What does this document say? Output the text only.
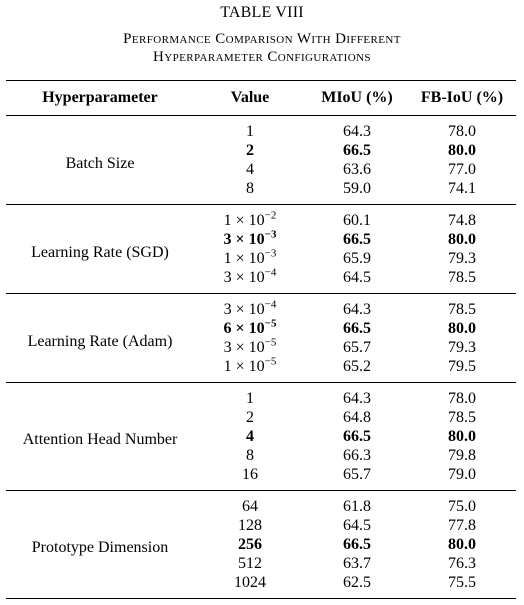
TABLE VIII
Performance Comparison With Different
Hyperparameter Configurations
Hyperparameter	Value	MIoU (%)	FB-IoU (%)
Batch Size	1	64.3	78.0
	2	66.5	80.0
	4	63.6	77.0
	8	59.0	74.1
Learning Rate (SGD)	$1 \times 10^{-2}$	60.1	74.8
	$3 \times 10^{-3}$	66.5	80.0
	$1 \times 10^{-3}$	65.9	79.3
	$3 \times 10^{-4}$	64.5	78.5
Learning Rate (Adam)	$3 \times 10^{-4}$	64.3	78.5
	$6 \times 10^{-5}$	66.5	80.0
	$3 \times 10^{-5}$	65.7	79.3
	$1 \times 10^{-5}$	65.2	79.5
Attention Head Number	1	64.3	78.0
	2	64.8	78.5
	4	66.5	80.0
	8	66.3	79.8
	16	65.7	79.0
Prototype Dimension	64	61.8	75.0
	128	64.5	77.8
	256	66.5	80.0
	512	63.7	76.3
	1024	62.5	75.5
